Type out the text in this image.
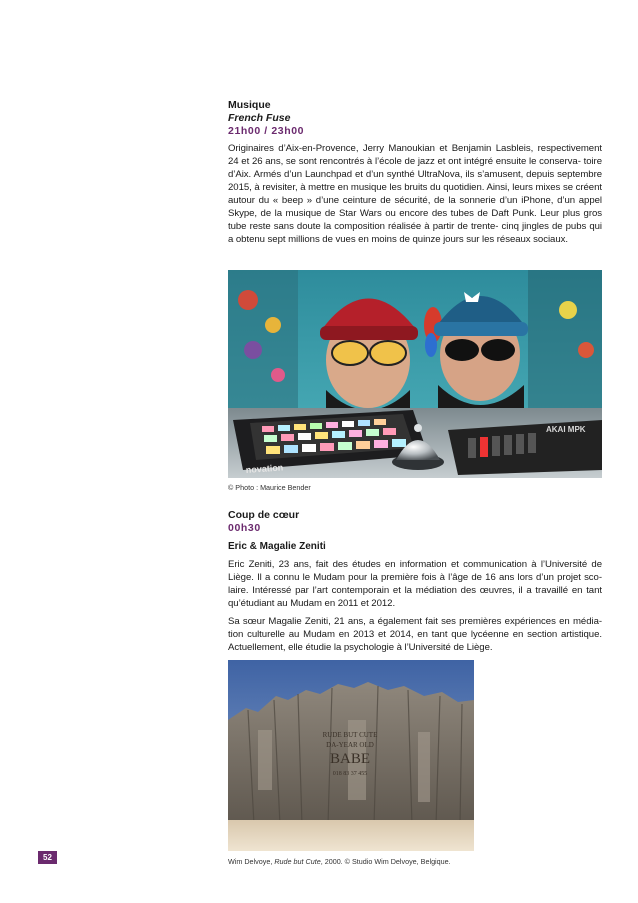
Musique

French Fuse

21h00 / 23h00

Originaires d’Aix-en-Provence, Jerry Manoukian et Benjamin Lasbleis, respectivement 24 et 26 ans, se sont rencontrés à l’école de jazz et ont intégré ensuite le conserva- toire d’Aix. Armés d’un Launchpad et d’un synthé UltraNova, ils s’amusent, depuis septembre 2015, à revisiter, à mettre en musique les bruits du quotidien. Ainsi, leurs mixes se créent autour du « beep » d’une ceinture de sécurité, de la sonnerie d’un iPhone, d’un appel Skype, de la musique de Star Wars ou encore des tubes de Daft Punk. Leur plus gros tube reste sans doute la composition réalisée à partir de trente- cinq jingles de pubs qui a obtenu sept millions de vues en moins de quinze jours sur les réseaux sociaux.

novation
AKAI MPK

© Photo : Maurice Bender

Coup de cœur

00h30

Eric & Magalie Zeniti

Eric Zeniti, 23 ans, fait des études en information et communication à l’Université de Liège. Il a connu le Mudam pour la première fois à l’âge de 16 ans lors d’un projet sco- laire. Intéressé par l’art contemporain et la médiation des œuvres, il a travaillé en tant qu’étudiant au Mudam en 2011 et 2012.

Sa sœur Magalie Zeniti, 21 ans, a également fait ses premières expériences en média- tion culturelle au Mudam en 2013 et 2014, en tant que lycéenne en section artistique. Actuellement, elle étudie la psychologie à l’Université de Liège.

RUDE BUT CUTE
DA-YEAR OLD
BABE
018 83 37 455

Wim Delvoye, Rude but Cute, 2000. © Studio Wim Delvoye, Belgique.

52
